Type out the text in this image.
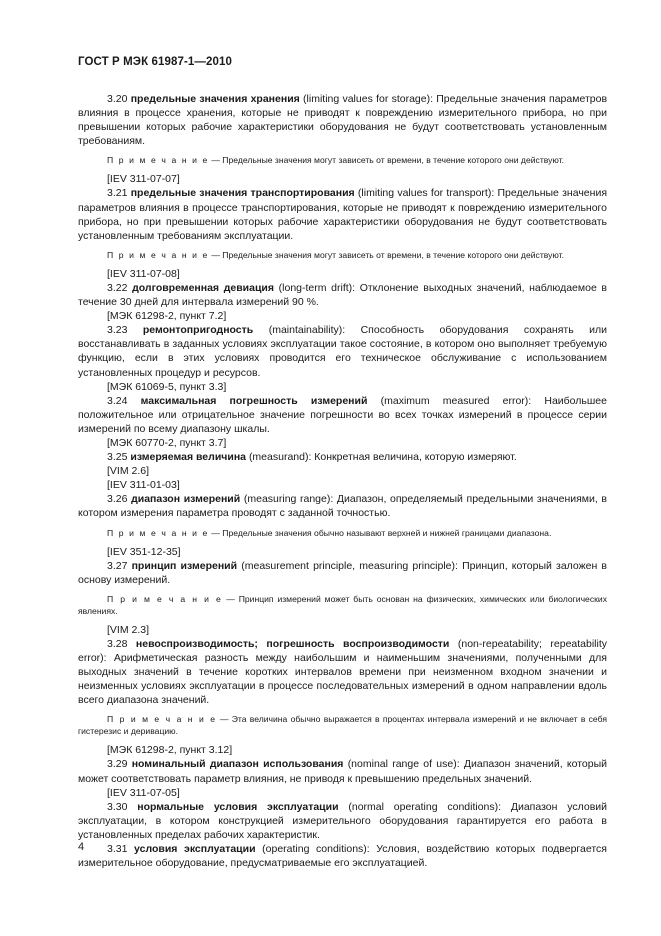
ГОСТ Р МЭК 61987-1—2010

3.20 предельные значения хранения (limiting values for storage): Предельные значения параметров влияния в процессе хранения, которые не приводят к повреждению измерительного прибора, но при превышении которых рабочие характеристики оборудования не будут соответствовать установленным требованиям.

П р и м е ч а н и е — Предельные значения могут зависеть от времени, в течение которого они действуют.

[IEV 311-07-07]

3.21 предельные значения транспортирования (limiting values for transport): Предельные значения параметров влияния в процессе транспортирования, которые не приводят к повреждению измерительного прибора, но при превышении которых рабочие характеристики оборудования не будут соответствовать установленным требованиям эксплуатации.

П р и м е ч а н и е — Предельные значения могут зависеть от времени, в течение которого они действуют.

[IEV 311-07-08]

3.22 долговременная девиация (long-term drift): Отклонение выходных значений, наблюдаемое в течение 30 дней для интервала измерений 90 %.

[МЭК 61298-2, пункт 7.2]

3.23 ремонтопригодность (maintainability): Способность оборудования сохранять или восстанавливать в заданных условиях эксплуатации такое состояние, в котором оно выполняет требуемую функцию, если в этих условиях проводится его техническое обслуживание с использованием установленных процедур и ресурсов.

[МЭК 61069-5, пункт 3.3]

3.24 максимальная погрешность измерений (maximum measured error): Наибольшее положительное или отрицательное значение погрешности во всех точках измерений в процессе серии измерений по всему диапазону шкалы.

[МЭК 60770-2, пункт 3.7]

3.25 измеряемая величина (measurand): Конкретная величина, которую измеряют.

[VIM 2.6]

[IEV 311-01-03]

3.26 диапазон измерений (measuring range): Диапазон, определяемый предельными значениями, в котором измерения параметра проводят с заданной точностью.

П р и м е ч а н и е — Предельные значения обычно называют верхней и нижней границами диапазона.

[IEV 351-12-35]

3.27 принцип измерений (measurement principle, measuring principle): Принцип, который заложен в основу измерений.

П р и м е ч а н и е — Принцип измерений может быть основан на физических, химических или биологических явлениях.

[VIM 2.3]

3.28 невоспроизводимость; погрешность воспроизводимости (non-repeatability; repeatability error): Арифметическая разность между наибольшим и наименьшим значениями, полученными для выходных значений в течение коротких интервалов времени при неизменном входном значении и неизменных условиях эксплуатации в процессе последовательных измерений в одном направлении вдоль всего диапазона значений.

П р и м е ч а н и е — Эта величина обычно выражается в процентах интервала измерений и не включает в себя гистерезис и деривацию.

[МЭК 61298-2, пункт 3.12]

3.29 номинальный диапазон использования (nominal range of use): Диапазон значений, который может соответствовать параметр влияния, не приводя к превышению предельных значений.

[IEV 311-07-05]

3.30 нормальные условия эксплуатации (normal operating conditions): Диапазон условий эксплуатации, в котором конструкцией измерительного оборудования гарантируется его работа в установленных пределах рабочих характеристик.

3.31 условия эксплуатации (operating conditions): Условия, воздействию которых подвергается измерительное оборудование, предусматриваемые его эксплуатацией.

4
